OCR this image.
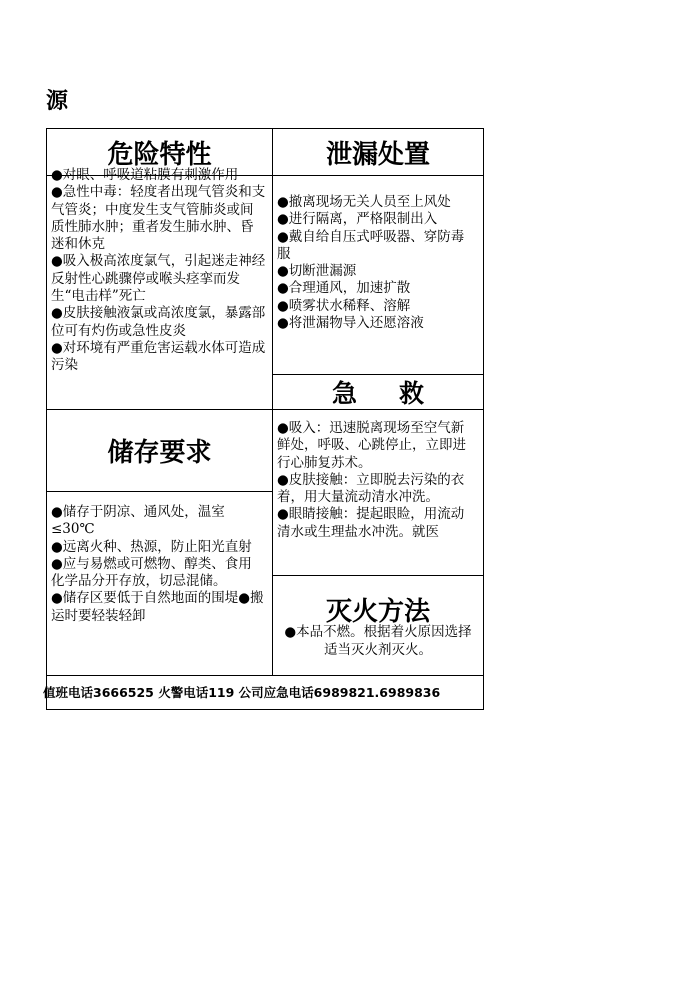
源
危险特性	泄漏处置
●对眼、呼吸道粘膜有刺激作用
●急性中毒：轻度者出现气管炎和支气管炎；中度发生支气管肺炎或间质性肺水肿；重者发生肺水肿、昏迷和休克
●吸入极高浓度氯气，引起迷走神经反射性心跳骤停或喉头痉挛而发生“电击样”死亡
●皮肤接触液氯或高浓度氯，暴露部位可有灼伤或急性皮炎
●对环境有严重危害运载水体可造成污染
●撤离现场无关人员至上风处
●进行隔离，严格限制出入
●戴自给自压式呼吸器、穿防毒服
●切断泄漏源
●合理通风，加速扩散
●喷雾状水稀释、溶解
●将泄漏物导入还愿溶液
急救
储存要求
●吸入：迅速脱离现场至空气新鲜处，呼吸、心跳停止，立即进行心肺复苏术。
●皮肤接触：立即脱去污染的衣着，用大量流动清水冲洗。
●眼睛接触：提起眼睑，用流动清水或生理盐水冲洗。就医
●储存于阴凉、通风处，温室≤30℃
●远离火种、热源，防止阳光直射
●应与易燃或可燃物、醇类、食用化学品分开存放，切忌混储。
●储存区要低于自然地面的围堤●搬运时要轻装轻卸	灭火方法
●本品不燃。根据着火原因选择适当灭火剂灭火。
值班电话3666525 火警电话119 公司应急电话6989821.6989836
